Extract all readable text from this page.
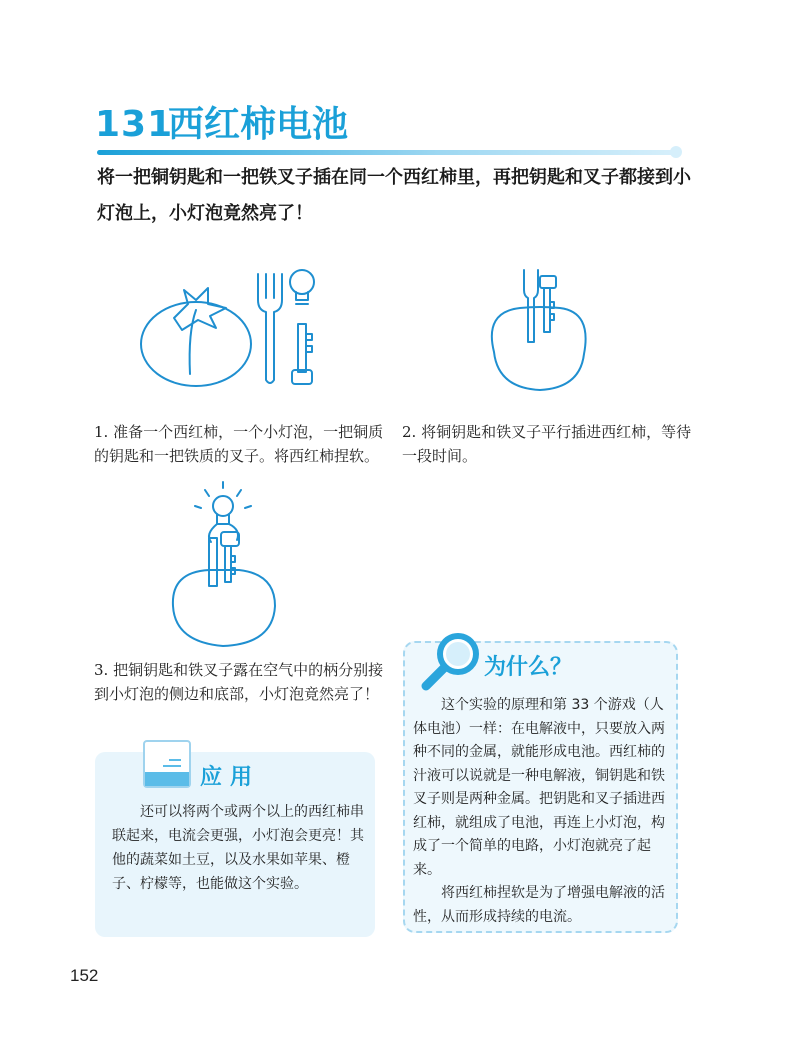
131
西红柿电池
将一把铜钥匙和一把铁叉子插在同一个西红柿里，再把钥匙和叉子都接到小灯泡上，小灯泡竟然亮了！
1. 准备一个西红柿，一个小灯泡，一把铜质的钥匙和一把铁质的叉子。将西红柿捏软。
2. 将铜钥匙和铁叉子平行插进西红柿，等待一段时间。
3. 把铜钥匙和铁叉子露在空气中的柄分别接到小灯泡的侧边和底部，小灯泡竟然亮了！
应用
还可以将两个或两个以上的西红柿串联起来，电流会更强，小灯泡会更亮！其他的蔬菜如土豆，以及水果如苹果、橙子、柠檬等，也能做这个实验。
为什么？
这个实验的原理和第 33 个游戏（人体电池）一样：在电解液中，只要放入两种不同的金属，就能形成电池。西红柿的汁液可以说就是一种电解液，铜钥匙和铁叉子则是两种金属。把钥匙和叉子插进西红柿，就组成了电池，再连上小灯泡，构成了一个简单的电路，小灯泡就亮了起来。
将西红柿捏软是为了增强电解液的活性，从而形成持续的电流。
152
